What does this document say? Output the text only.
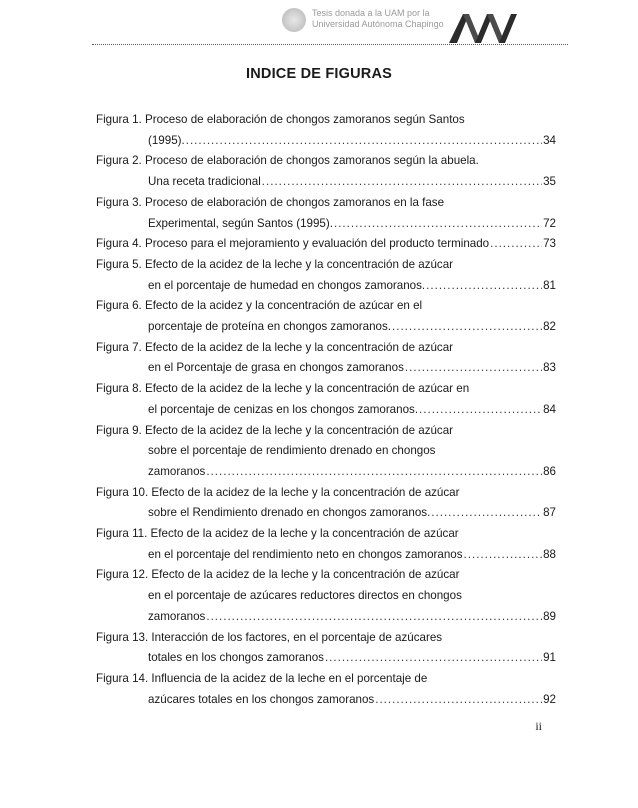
Tesis donada a la UAM por la
Universidad Autónoma Chapingo
INDICE DE FIGURAS
Figura 1. Proceso de elaboración de chongos zamoranos según Santos
(1995). .....	34
Figura 2. Proceso de elaboración de chongos zamoranos según la abuela.
Una receta tradicional .....	35
Figura 3. Proceso de elaboración de chongos zamoranos en la fase
Experimental, según Santos (1995). .....	72
Figura 4. Proceso para el mejoramiento y evaluación del producto terminado .....	73
Figura 5. Efecto de la acidez de la leche y la concentración de azúcar
en el porcentaje de humedad en chongos zamoranos. .....	81
Figura 6. Efecto de la acidez y la concentración de azúcar en el
porcentaje de proteína en chongos zamoranos. .....	82
Figura 7. Efecto de la acidez de la leche y la concentración de azúcar
en el Porcentaje de grasa en chongos zamoranos .....	83
Figura 8. Efecto de la acidez de la leche y la concentración de azúcar en
el porcentaje de cenizas en los chongos zamoranos. .....	84
Figura 9. Efecto de la acidez de la leche y la concentración de azúcar
sobre el porcentaje de rendimiento drenado en chongos
zamoranos .....	86
Figura 10. Efecto de la acidez de la leche y la concentración de azúcar
sobre el Rendimiento drenado en chongos zamoranos. .....	87
Figura 11. Efecto de la acidez de la leche y la concentración de azúcar
en el porcentaje del rendimiento neto en chongos zamoranos .....	88
Figura 12. Efecto de la acidez de la leche y la concentración de azúcar
en el porcentaje de azúcares reductores directos en chongos
zamoranos .....	89
Figura 13. Interacción de los factores, en el porcentaje de azúcares
totales en los chongos zamoranos .....	91
Figura 14. Influencia de la acidez de la leche en el porcentaje de
azúcares totales en los chongos zamoranos .....	92
ii
